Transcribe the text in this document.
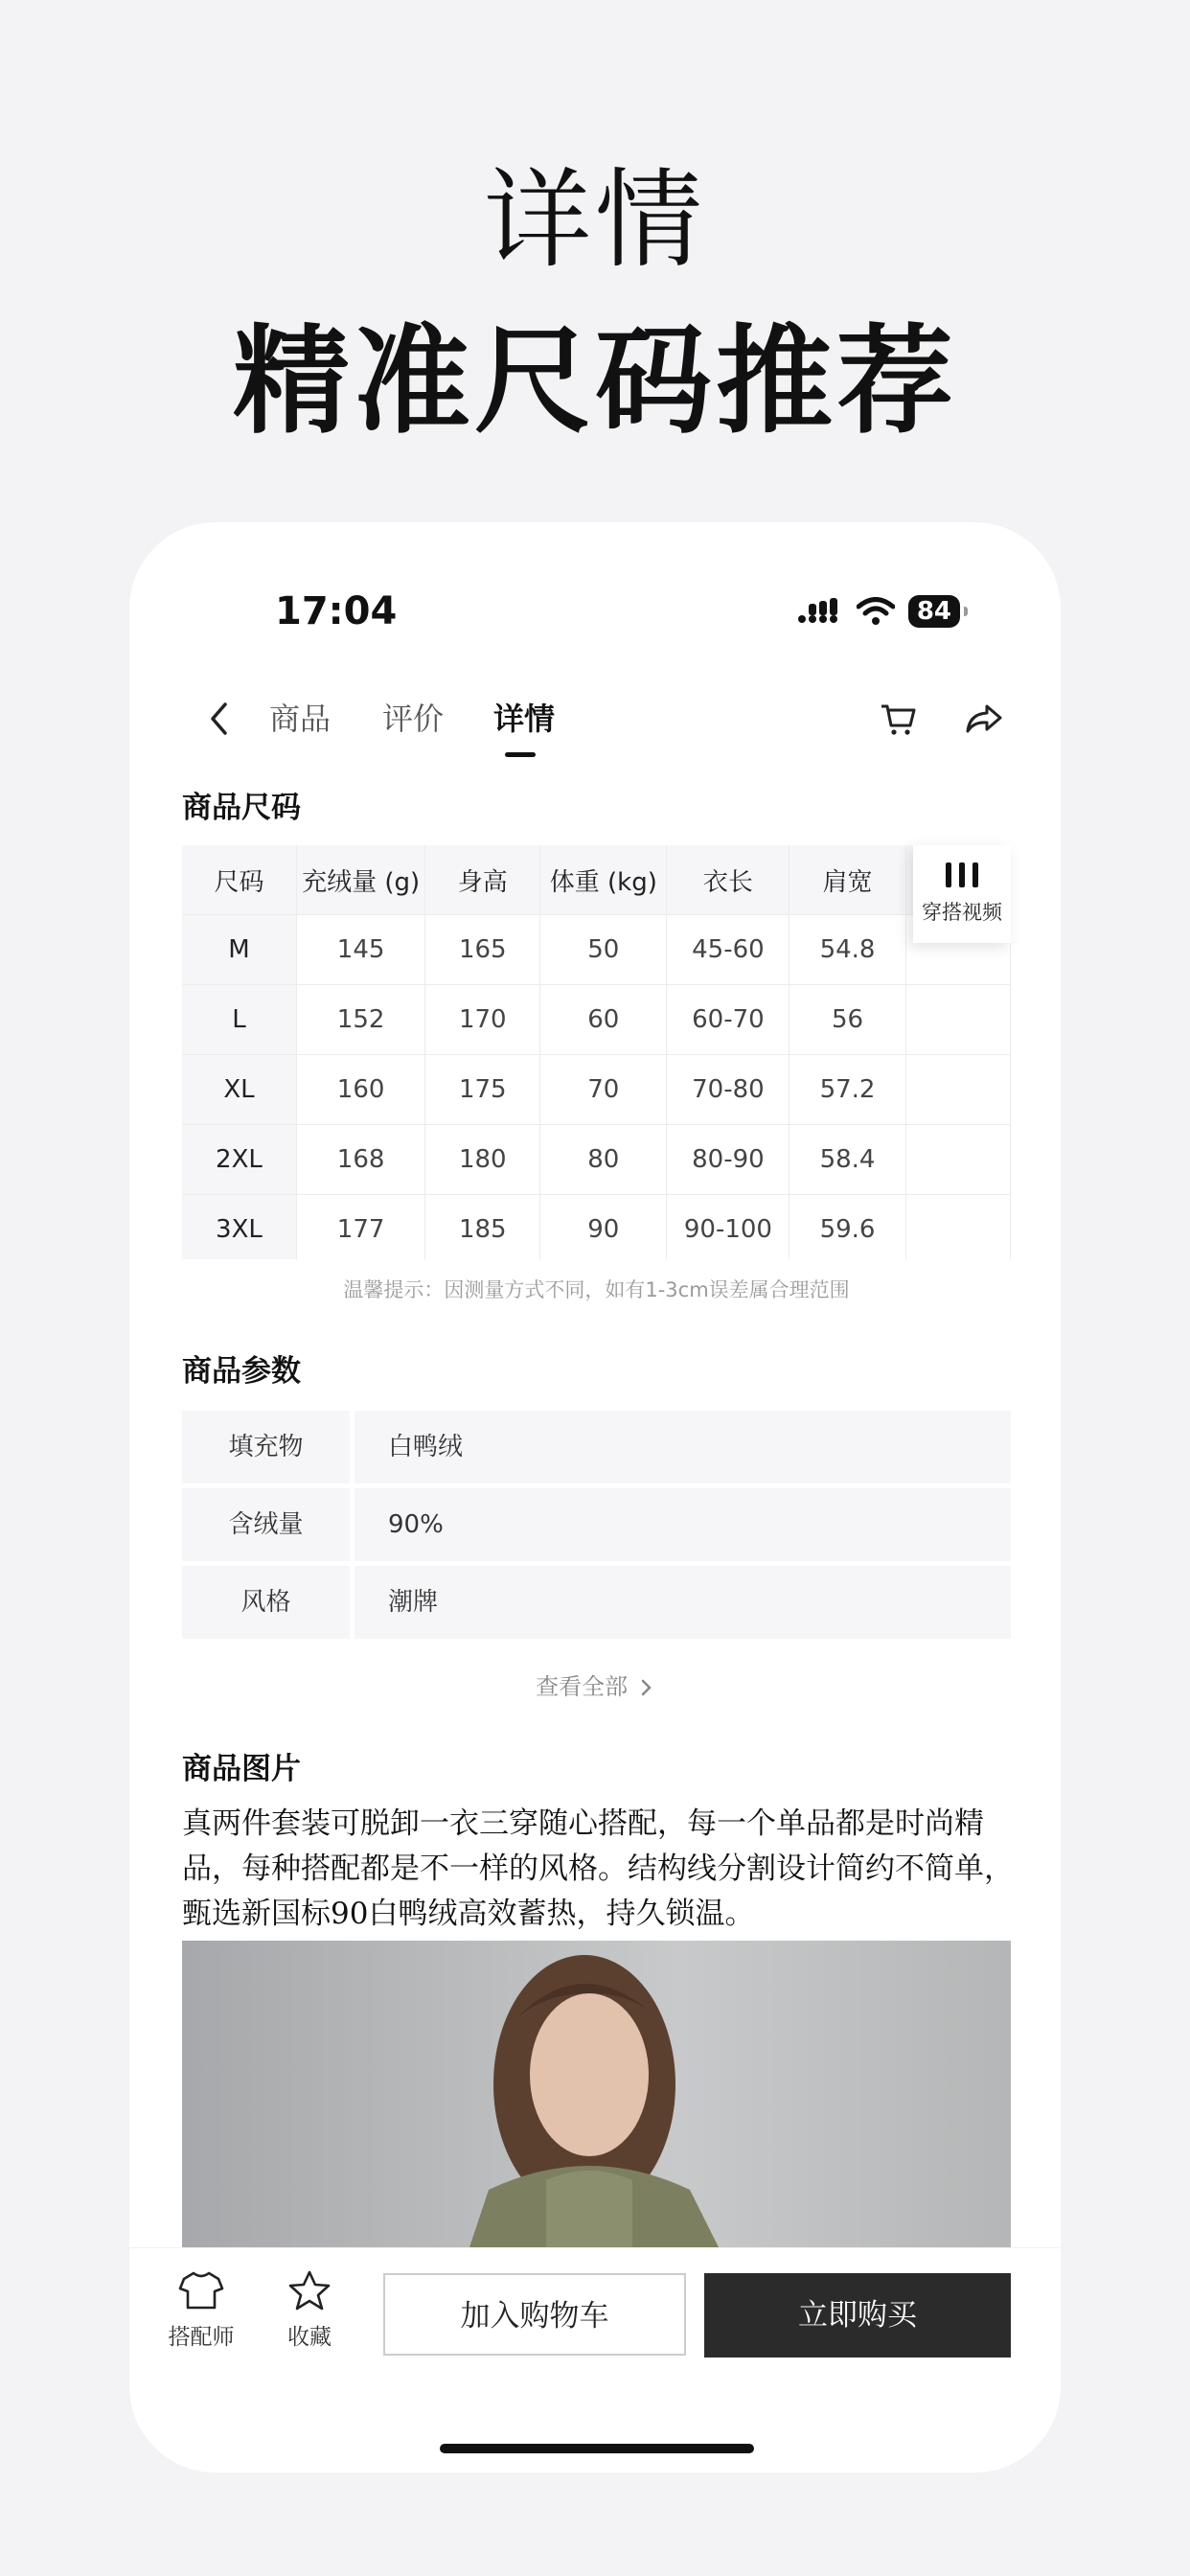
详情
精准尺码推荐
17:04	84
商品 评价 详情
商品尺码
尺码	充绒量 (g)	身高	体重 (kg)	衣长	肩宽	
M	145	165	50	45-60	54.8	
L	152	170	60	60-70	56	
XL	160	175	70	70-80	57.2	
2XL	168	180	80	80-90	58.4	
3XL	177	185	90	90-100	59.6	
穿搭视频
温馨提示：因测量方式不同，如有1-3cm误差属合理范围
商品参数
填充物	白鸭绒
含绒量	90%
风格	潮牌
查看全部
商品图片
真两件套装可脱卸一衣三穿随心搭配，每一个单品都是时尚精品，每种搭配都是不一样的风格。结构线分割设计简约不简单，甄选新国标90白鸭绒高效蓄热，持久锁温。
搭配师	收藏
加入购物车	立即购买
